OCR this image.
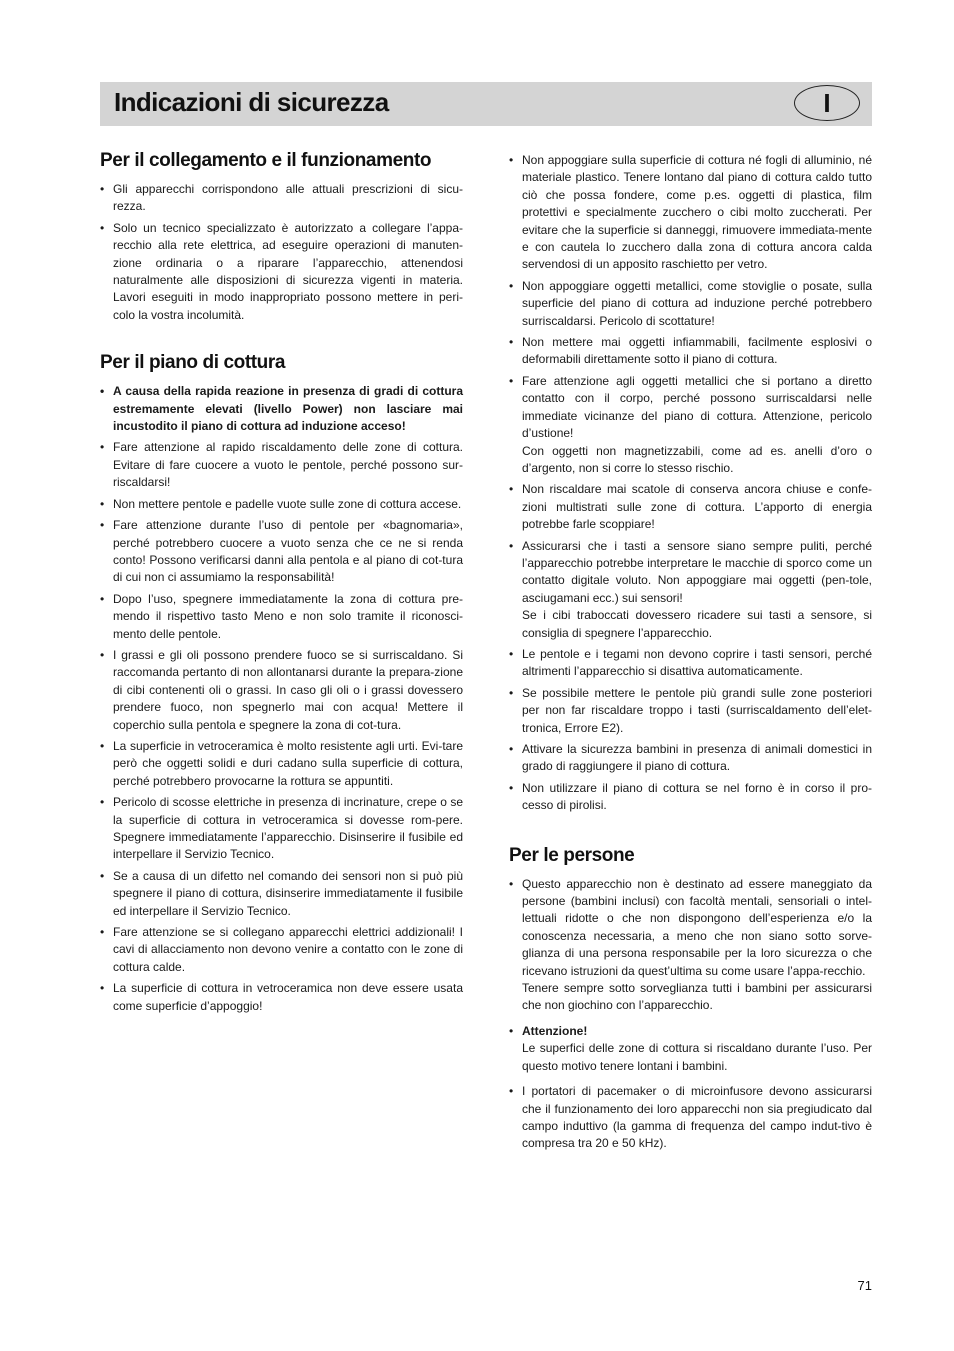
Indicazioni di sicurezza	I
Per il collegamento e il funzionamento
• Gli apparecchi corrispondono alle attuali prescrizioni di sicu-rezza.
• Solo un tecnico specializzato è autorizzato a collegare l’appa-recchio alla rete elettrica, ad eseguire operazioni di manuten-zione ordinaria o a riparare l’apparecchio, attenendosi naturalmente alle disposizioni di sicurezza vigenti in materia. Lavori eseguiti in modo inappropriato possono mettere in peri-colo la vostra incolumità.
Per il piano di cottura
• A causa della rapida reazione in presenza di gradi di cottura estremamente elevati (livello Power) non lasciare mai incustodito il piano di cottura ad induzione acceso!
• Fare attenzione al rapido riscaldamento delle zone di cottura. Evitare di fare cuocere a vuoto le pentole, perché possono sur-riscaldarsi!
• Non mettere pentole e padelle vuote sulle zone di cottura accese.
• Fare attenzione durante l’uso di pentole per «bagnomaria», perché potrebbero cuocere a vuoto senza che ce ne si renda conto! Possono verificarsi danni alla pentola e al piano di cot-tura di cui non ci assumiamo la responsabilità!
• Dopo l’uso, spegnere immediatamente la zona di cottura pre-mendo il rispettivo tasto Meno e non solo tramite il riconosci-mento delle pentole.
• I grassi e gli oli possono prendere fuoco se si surriscaldano. Si raccomanda pertanto di non allontanarsi durante la prepara-zione di cibi contenenti oli o grassi. In caso gli oli o i grassi dovessero prendere fuoco, non spegnerlo mai con acqua! Mettere il coperchio sulla pentola e spegnere la zona di cot-tura.
• La superficie in vetroceramica è molto resistente agli urti. Evi-tare però che oggetti solidi e duri cadano sulla superficie di cottura, perché potrebbero provocarne la rottura se appuntiti.
• Pericolo di scosse elettriche in presenza di incrinature, crepe o se la superficie di cottura in vetroceramica si dovesse rom-pere. Spegnere immediatamente l’apparecchio. Disinserire il fusibile ed interpellare il Servizio Tecnico.
• Se a causa di un difetto nel comando dei sensori non si può più spegnere il piano di cottura, disinserire immediatamente il fusibile ed interpellare il Servizio Tecnico.
• Fare attenzione se si collegano apparecchi elettrici addizionali! I cavi di allacciamento non devono venire a contatto con le zone di cottura calde.
• La superficie di cottura in vetroceramica non deve essere usata come superficie d’appoggio!
• Non appoggiare sulla superficie di cottura né fogli di alluminio, né materiale plastico. Tenere lontano dal piano di cottura caldo tutto ciò che possa fondere, come p.es. oggetti di plastica, film protettivi e specialmente zucchero o cibi molto zuccherati. Per evitare che la superficie si danneggi, rimuovere immediata-mente e con cautela lo zucchero dalla zona di cottura ancora calda servendosi di un apposito raschietto per vetro.
• Non appoggiare oggetti metallici, come stoviglie o posate, sulla superficie del piano di cottura ad induzione perché potrebbero surriscaldarsi. Pericolo di scottature!
• Non mettere mai oggetti infiammabili, facilmente esplosivi o deformabili direttamente sotto il piano di cottura.
• Fare attenzione agli oggetti metallici che si portano a diretto contatto con il corpo, perché possono surriscaldarsi nelle immediate vicinanze del piano di cottura. Attenzione, pericolo d’ustione!
Con oggetti non magnetizzabili, come ad es. anelli d’oro o d’argento, non si corre lo stesso rischio.
• Non riscaldare mai scatole di conserva ancora chiuse e confe-zioni multistrati sulle zone di cottura. L’apporto di energia potrebbe farle scoppiare!
• Assicurarsi che i tasti a sensore siano sempre puliti, perché l’apparecchio potrebbe interpretare le macchie di sporco come un contatto digitale voluto. Non appoggiare mai oggetti (pen-tole, asciugamani ecc.) sui sensori!
Se i cibi traboccati dovessero ricadere sui tasti a sensore, si consiglia di spegnere l’apparecchio.
• Le pentole e i tegami non devono coprire i tasti sensori, perché altrimenti l’apparecchio si disattiva automaticamente.
• Se possibile mettere le pentole più grandi sulle zone posteriori per non far riscaldare troppo i tasti (surriscaldamento dell’elet-tronica, Errore E2).
• Attivare la sicurezza bambini in presenza di animali domestici in grado di raggiungere il piano di cottura.
• Non utilizzare il piano di cottura se nel forno è in corso il pro-cesso di pirolisi.
Per le persone
• Questo apparecchio non è destinato ad essere maneggiato da persone (bambini inclusi) con facoltà mentali, sensoriali o intel-lettuali ridotte o che non dispongono dell’esperienza e/o la conoscenza necessaria, a meno che non siano sotto sorve-glianza di una persona responsabile per la loro sicurezza o che ricevano istruzioni da quest’ultima su come usare l’appa-recchio.
Tenere sempre sotto sorveglianza tutti i bambini per assicurarsi che non giochino con l’apparecchio.
• Attenzione!
Le superfici delle zone di cottura si riscaldano durante l’uso. Per questo motivo tenere lontani i bambini.
• I portatori di pacemaker o di microinfusore devono assicurarsi che il funzionamento dei loro apparecchi non sia pregiudicato dal campo induttivo (la gamma di frequenza del campo indut-tivo è compresa tra 20 e 50 kHz).
71
